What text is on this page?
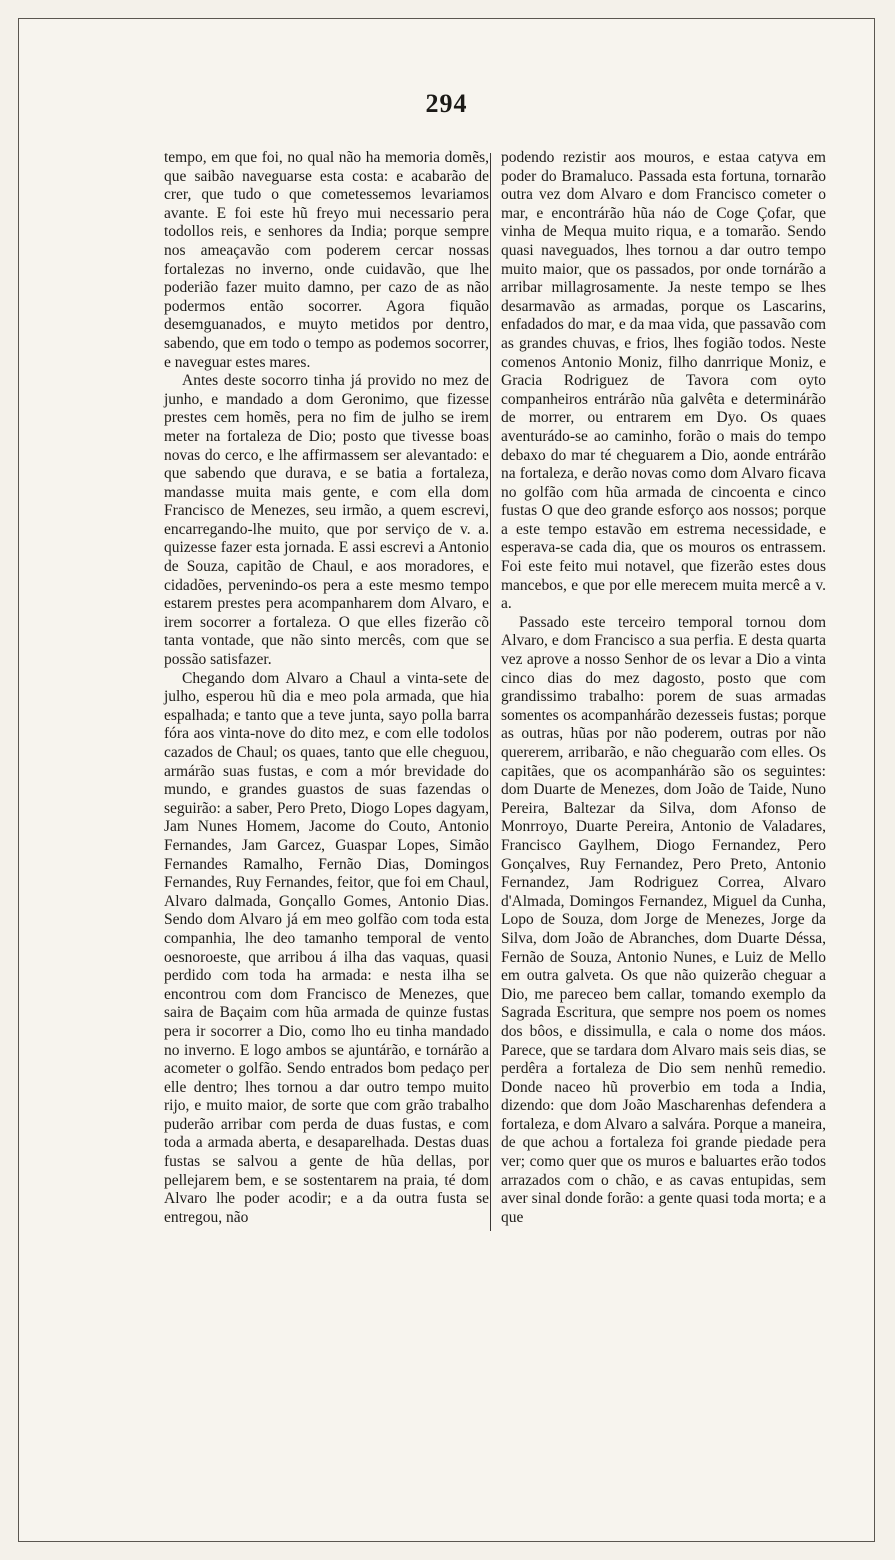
294

tempo, em que foi, no qual não ha memoria domẽs, que saibão naveguarse esta costa: e acabarão de crer, que tudo o que cometessemos levariamos avante. E foi este hũ freyo mui necessario pera todollos reis, e senhores da India; porque sempre nos ameaçavão com poderem cercar nossas fortalezas no inverno, onde cuidavão, que lhe poderião fazer muito damno, per cazo de as não podermos então socorrer. Agora fiquão desemguanados, e muyto metidos por dentro, sabendo, que em todo o tempo as podemos socorrer, e naveguar estes mares.

Antes deste socorro tinha já provido no mez de junho, e mandado a dom Geronimo, que fizesse prestes cem homẽs, pera no fim de julho se irem meter na fortaleza de Dio; posto que tivesse boas novas do cerco, e lhe affirmassem ser alevantado: e que sabendo que durava, e se batia a fortaleza, mandasse muita mais gente, e com ella dom Francisco de Menezes, seu irmão, a quem escrevi, encarregando-lhe muito, que por serviço de v. a. quizesse fazer esta jornada. E assi escrevi a Antonio de Souza, capitão de Chaul, e aos moradores, e cidadões, pervenindo-os pera a este mesmo tempo estarem prestes pera acompanharem dom Alvaro, e irem socorrer a fortaleza. O que elles fizerão cõ tanta vontade, que não sinto mercês, com que se possão satisfazer.

Chegando dom Alvaro a Chaul a vinta-sete de julho, esperou hũ dia e meo pola armada, que hia espalhada; e tanto que a teve junta, sayo polla barra fóra aos vinta-nove do dito mez, e com elle todolos cazados de Chaul; os quaes, tanto que elle cheguou, armárão suas fustas, e com a mór brevidade do mundo, e grandes guastos de suas fazendas o seguirão: a saber, Pero Preto, Diogo Lopes dagyam, Jam Nunes Homem, Jacome do Couto, Antonio Fernandes, Jam Garcez, Guaspar Lopes, Simão Fernandes Ramalho, Fernão Dias, Domingos Fernandes, Ruy Fernandes, feitor, que foi em Chaul, Alvaro dalmada, Gonçallo Gomes, Antonio Dias. Sendo dom Alvaro já em meo golfão com toda esta companhia, lhe deo tamanho temporal de vento oesnoroeste, que arribou á ilha das vaquas, quasi perdido com toda ha armada: e nesta ilha se encontrou com dom Francisco de Menezes, que saira de Baçaim com hũa armada de quinze fustas pera ir socorrer a Dio, como lho eu tinha mandado no inverno. E logo ambos se ajuntárão, e tornárão a acometer o golfão. Sendo entrados bom pedaço per elle dentro; lhes tornou a dar outro tempo muito rijo, e muito maior, de sorte que com grão trabalho puderão arribar com perda de duas fustas, e com toda a armada aberta, e desaparelhada. Destas duas fustas se salvou a gente de hũa dellas, por pellejarem bem, e se sostentarem na praia, té dom Alvaro lhe poder acodir; e a da outra fusta se entregou, não

podendo rezistir aos mouros, e estaa catyva em poder do Bramaluco. Passada esta fortuna, tornarão outra vez dom Alvaro e dom Francisco cometer o mar, e encontrárão hũa náo de Coge Çofar, que vinha de Mequa muito riqua, e a tomarão. Sendo quasi naveguados, lhes tornou a dar outro tempo muito maior, que os passados, por onde tornárão a arribar millagrosamente. Ja neste tempo se lhes desarmavão as armadas, porque os Lascarins, enfadados do mar, e da maa vida, que passavão com as grandes chuvas, e frios, lhes fogião todos. Neste comenos Antonio Moniz, filho danrrique Moniz, e Gracia Rodriguez de Tavora com oyto companheiros entrárão nũa galvêta e determinárão de morrer, ou entrarem em Dyo. Os quaes aventurádo-se ao caminho, forão o mais do tempo debaxo do mar té cheguarem a Dio, aonde entrárão na fortaleza, e derão novas como dom Alvaro ficava no golfão com hũa armada de cincoenta e cinco fustas O que deo grande esforço aos nossos; porque a este tempo estavão em estrema necessidade, e esperava-se cada dia, que os mouros os entrassem. Foi este feito mui notavel, que fizerão estes dous mancebos, e que por elle merecem muita mercê a v. a.

Passado este terceiro temporal tornou dom Alvaro, e dom Francisco a sua perfia. E desta quarta vez aprove a nosso Senhor de os levar a Dio a vinta cinco dias do mez dagosto, posto que com grandissimo trabalho: porem de suas armadas somentes os acompanhárão dezesseis fustas; porque as outras, hũas por não poderem, outras por não quererem, arribarão, e não cheguarão com elles. Os capitães, que os acompanhárão são os seguintes: dom Duarte de Menezes, dom João de Taide, Nuno Pereira, Baltezar da Silva, dom Afonso de Monrroyo, Duarte Pereira, Antonio de Valadares, Francisco Gaylhem, Diogo Fernandez, Pero Gonçalves, Ruy Fernandez, Pero Preto, Antonio Fernandez, Jam Rodriguez Correa, Alvaro d'Almada, Domingos Fernandez, Miguel da Cunha, Lopo de Souza, dom Jorge de Menezes, Jorge da Silva, dom João de Abranches, dom Duarte Déssa, Fernão de Souza, Antonio Nunes, e Luiz de Mello em outra galveta. Os que não quizerão cheguar a Dio, me pareceo bem callar, tomando exemplo da Sagrada Escritura, que sempre nos poem os nomes dos bôos, e dissimulla, e cala o nome dos máos. Parece, que se tardara dom Alvaro mais seis dias, se perdêra a fortaleza de Dio sem nenhũ remedio. Donde naceo hũ proverbio em toda a India, dizendo: que dom João Mascharenhas defendera a fortaleza, e dom Alvaro a salvára. Porque a maneira, de que achou a fortaleza foi grande piedade pera ver; como quer que os muros e baluartes erão todos arrazados com o chão, e as cavas entupidas, sem aver sinal donde forão: a gente quasi toda morta; e a que
